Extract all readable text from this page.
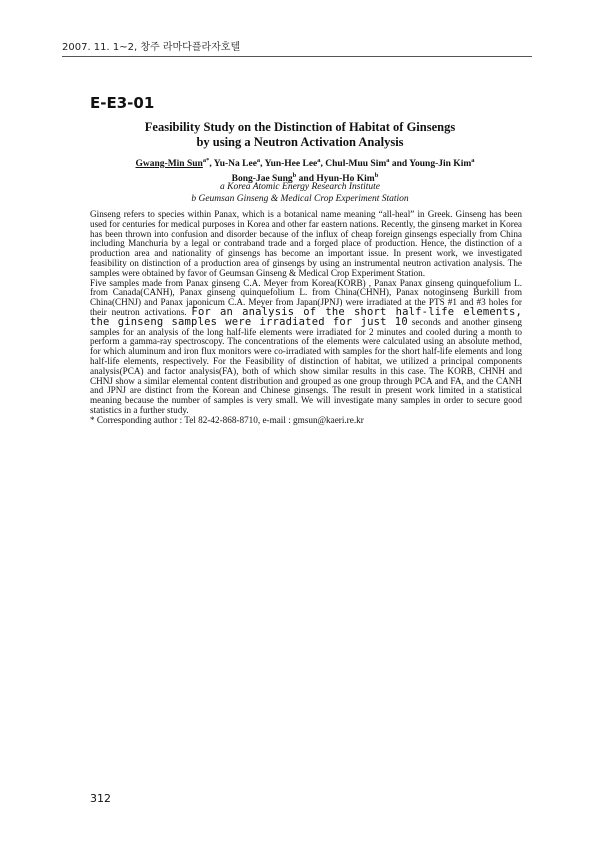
2007. 11. 1~2, 창주 라마다플라자호텔
E-E3-01
Feasibility Study on the Distinction of Habitat of Ginsengs
by using a Neutron Activation Analysis
Gwang-Min Sun$^{a*}$, Yu-Na Lee$^a$, Yun-Hee Lee$^a$, Chul-Muu Sim$^a$ and Young-Jin Kim$^a$
Bong-Jae Sung$^b$ and Hyun-Ho Kim$^b$
a Korea Atomic Energy Research Institute
b Geumsan Ginseng & Medical Crop Experiment Station

Ginseng refers to species within Panax, which is a botanical name meaning “all-heal” in Greek. Ginseng has been used for centuries for medical purposes in Korea and other far eastern nations. Recently, the ginseng market in Korea has been thrown into confusion and disorder because of the influx of cheap foreign ginsengs especially from China including Manchuria by a legal or contraband trade and a forged place of production. Hence, the distinction of a production area and nationality of ginsengs has become an important issue. In present work, we investigated feasibility on distinction of a production area of ginsengs by using an instrumental neutron activation analysis. The samples were obtained by favor of Geumsan Ginseng & Medical Crop Experiment Station.

Five samples made from Panax ginseng C.A. Meyer from Korea(KORB) , Panax Panax ginseng quinquefolium L. from Canada(CANH), Panax ginseng quinquefolium L. from China(CHNH), Panax notoginseng Burkill from China(CHNJ) and Panax japonicum C.A. Meyer from Japan(JPNJ) were irradiated at the PTS #1 and #3 holes for their neutron activations. For an analysis of the short half-life elements, the ginseng samples were irradiated for just 10 seconds and another ginseng samples for an analysis of the long half-life elements were irradiated for 2 minutes and cooled during a month to perform a gamma-ray spectroscopy. The concentrations of the elements were calculated using an absolute method, for which aluminum and iron flux monitors were co-irradiated with samples for the short half-life elements and long half-life elements, respectively. For the Feasibility of distinction of habitat, we utilized a principal components analysis(PCA) and factor analysis(FA), both of which show similar results in this case. The KORB, CHNH and CHNJ show a similar elemental content distribution and grouped as one group through PCA and FA, and the CANH and JPNJ are distinct from the Korean and Chinese ginsengs. The result in present work limited in a statistical meaning because the number of samples is very small. We will investigate many samples in order to secure good statistics in a further study.

* Corresponding author : Tel 82-42-868-8710, e-mail : gmsun@kaeri.re.kr

312
